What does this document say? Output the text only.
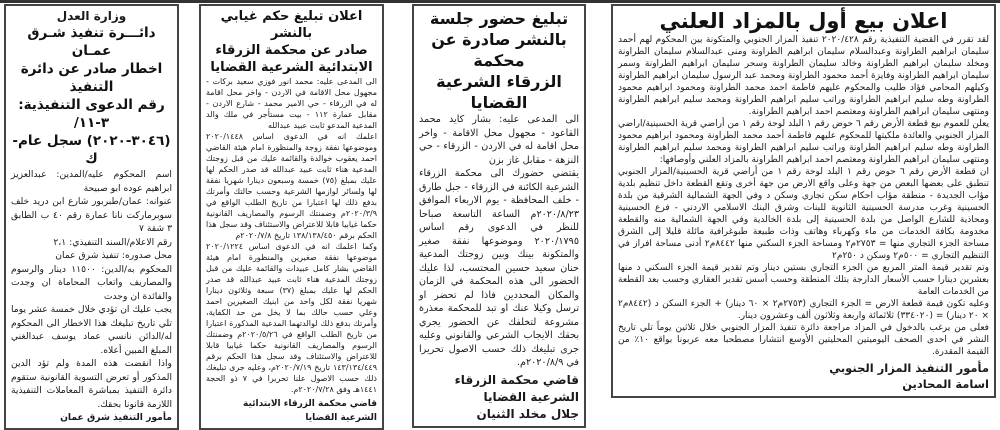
اعلان بيع أول بالمزاد العلني

لقد تقرر في القضية التنفيذية رقم ٢٠٢٠/٤٢٨ تنفيذ المزار الجنوبي والمتكونة بين المحكوم لهم أحمد سليمان ابراهيم الطراونة وعبدالسلام سليمان ابراهيم الطراونة ومنى عبدالسلام سليمان الطراونة ومخلد سليمان ابراهيم الطراونة وخالد سليمان الطراونة وسحر سليمان ابراهيم الطراونة وسمر سليمان ابراهيم الطراونة وفايزة أحمد محمود الطراونة ومحمد عبد الرسول سليمان ابراهيم الطراونة وكيلهم المحامي فؤاد طليب والمحكوم عليهم فاطمة احمد محمد الطراونة ومحمود ابراهيم محمود الطراونة وطه سليم ابراهيم الطراونة وراتب سليم ابراهيم الطراونة ومحمد سليم ابراهيم الطراونة ومنتهى سليمان ابراهيم الطراونة ومعتصم احمد ابراهيم الطراونة.

يعلن للعموم بيع قطعة الأرض رقم ٦ حوض رقم ١ البلد لوحة رقم ١ من أراضي قرية الحسينية/اراضي المزار الجنوبي والعائدة ملكيتها للمحكوم عليهم فاطمة أحمد محمد الطراونة ومحمود ابراهيم محمود الطراونة وطه سليم ابراهيم الطراونة وراتب سليم ابراهيم الطراونة ومحمد سليم ابراهيم الطراونة ومنتهى سليمان ابراهيم الطراونة ومعتصم احمد ابراهيم الطراونة بالمزاد العلني وأوصافها:

ان قطعة الأرض رقم ٦ حوض رقم ١ البلد لوحة رقم ١ من أراضي قرية الحسينية/المزار الجنوبي تنطبق على بعضها البعض من جهة وعلى واقع الارض من جهة أخرى وتقع القطعة داخل تنظيم بلدية مؤاب الجديدة - منطقة مؤاب احكام سكن تجاري وسكن د وفي الجهة الشمالية الشرقية من بلدة الحسينية وغرب مدرسة الحسينية الثانوية للبنات وشرق البنك الاسلامي الاردني - فرع الحسينية ومحاذية للشارع الواصل من بلدة الحسينية إلى بلدة الخالدية وفي الجهة الشمالية منه والقطعة مخدومة بكافة الخدمات من ماء وكهرباء وهاتف وذات طبيعة طبوغرافية مائلة قليلا إلى الشرق مساحة الجزء التجاري منها = ٢٧٥٣م٢ ومساحة الجزء السكني منها ٨٤٤٢م٢ أدنى مساحة افراز في التنظيم التجاري = ٥٠٠م٢ وسكن د ٢٥٠م٢

وتم تقدير قيمة المتر المربع من الجزء التجاري بستين دينار وتم تقدير قيمة الجزء السكني د منها بعشرين دينارا حسب الأسعار الدارجة بتلك المنطقة وحسب أسس تقدير العقاري وحسب بعد القطعة من الخدمات العامة

وعليه تكون قيمة قطعة الارض = الجزء التجاري (٢٧٥٣م٢ × ٦٠ دينار) + الجزء السكن د (٨٤٤٢م٢ × ٢٠ دينار) = (٣٣٤٠٢٠) ثلاثمائة واربعة وثلاثون ألف وعشرون دينار.

فعلى من يرغب بالدخول في المزاد مراجعة دائرة تنفيذ المزار الجنوبي خلال ثلاثين يوماً تلي تاريخ النشر في احدى الصحف اليوميتين المحليتين الأوسع انتشارا مصطحبا معه عربونا بواقع ١٠٪ من القيمة المقدرة.

مأمور التنفيذ المزار الجنوبي
اسامة المحادين
تبليغ حضور جلسة
بالنشر صادرة عن محكمة
الزرقاء الشرعية القضايا

الى المدعى عليه: بشار كايد محمد القاعود - مجهول محل الاقامة - واخر محل اقامة له في الاردن - الزرقاء - حي النزهة - مقابل غاز بزن

يقتضي حضورك الى محكمة الزرقاء الشرعية الكائنة في الزرقاء - جبل طارق - خلف المحافظة - يوم الاربعاء الموافق ٢٠٢٠/٨/٢٣م الساعة التاسعة صباحا للنظر في الدعوى رقم اساس ٢٠٢٠/١٧٩٥ وموضوعها نفقة صغير والمتكونة بينك وبين زوجتك المدعية حنان سعيد حسين المحتسب، لذا عليك الحضور الى هذه المحكمة في الزمان والمكان المحددين فاذا لم تحضر او ترسل وكيلا عنك او تبد للمحكمة معذرة مشروعة لتخلفك عن الحضور يجري بحقك الايجاب الشرعي والقانوني وعليه جرى تبليغك ذلك حسب الاصول تحريرا في ٢٠٢٠/٨/٩م.

قاضي محكمة الزرقاء
الشرعية القضايا
جلال مخلد الثنيان
اعلان تبليغ حكم غيابي بالنشر
صادر عن محكمة الزرقاء
الابتدائية الشرعية القضايا

الى المدعى عليه: محمد انور فوزي سعيد بركات - مجهول محل الاقامة في الاردن - واخر محل اقامة له في الزرقاء - حي الامير محمد - شارع الاردن - مقابل عمارة ١١٢ - بيت مستأجر في ملك والد المدعية المدعو ثابت عبيد عبدالله

اعلمك انه في الدعوى اساس ٢٠٢٠/١٤٤٨ وموضوعها نفقة زوجة والمنظورة امام هيئة القاضي احمد يعقوب خوالدة والقائمة عليك من قبل زوجتك المدعية هناء ثابت عبيد عبدالله قد صدر الحكم لها عليك بمبلغ (٧٥) خمسة وسبعون دينارا شهريا نفقة لها ولسائر لوازمها الشرعية وحسب حالتك وأمرتك بدفع ذلك لها اعتبارا من تاريخ الطلب الواقع في ٢٠٢٠/٣/٩م وضمنتك الرسوم والمصاريف القانونية حكما غيابيا قابلا للاعتراض والاستئناف وقد سجل هذا الحكم برقم ١٣٨/١٣٨/٤٥٠ تاريخ ٢٠٢٠/٧/٨م

وكما اعلمك انه في الدعوى اساس ٢٠٢٠/١٢٢٤ موضوعها نفقة صغيرين والمنظورة امام هيئة القاضي بشار كامل عبيدات والقائمة عليك من قبل زوجتك المدعية هناء ثابت عبيد عبدالله قد صدر الحكم لها عليك بمبلغ (٣٧) سبعة وثلاثون دينارا شهريا نفقة لكل واحد من ابنيك الصغيرين احمد وعلي حسب حالك بما لا يخل من حد الكفاية، وأمرتك بدفع ذلك لوالدتهما المدعية المذكورة اعتبارا من تاريخ الطلب الواقع في ٢٠٢٠/٥/٢٦م وضمنتك الرسوم والمصاريف القانونية حكما غيابيا قابلا للاعتراض والاستئناف وقد سجل هذا الحكم برقم ١٤٣/١٣٤/٤٤٩ تاريخ ٢٠٢٠/٧/١٩م، وعليه جرى تبليغك ذلك حسب الاصول علنا تحريرا في ٧ ذو الحجة ١٤٤١هـ وفق ٢٠٢٠/٧/٢٨م.

قاضي محكمة الزرقاء الابتدائية
الشرعية القضايا
وزارة العدل
دائـــرة تنفيذ شـرق عمـان
اخطار صادر عن دائرة التنفيذ
رقم الدعوى التنفيذية: ٣-١١/
(٣٠٤٦-٢٠٢٠) سجل عام- ك

اسم المحكوم عليه/المدين: عبدالعزيز ابراهيم عوده ابو صبيحة

عنوانه: عمان/طبربور شارع ابن دريد خلف سوبرماركت نانا عمارة رقم ٤٠ ب الطابق ٣ شقة ٧

رقم الاعلام/السند التنفيذي: ٢،١

محل صدوره: تنفيذ شرق عمان

المحكوم به/الدين: ١١٥٠٠ دينار والرسوم والمصاريف واتعاب المحاماة ان وجدت والفائدة ان وجدت

يجب عليك ان تؤدي خلال خمسة عشر يوما تلي تاريخ تبليغك هذا الاخطار الى المحكوم له/الدائن نانسي عماد يوسف عبدالغني المبلغ المبين أعلاه.

واذا انقضت هذه المدة ولم تؤد الدين المذكور أو تعرض التسوية القانونية ستقوم دائرة التنفيذ بمباشرة المعاملات التنفيذية اللازمة قانونا بحقك.

مأمور التنفيذ شرق عمان
